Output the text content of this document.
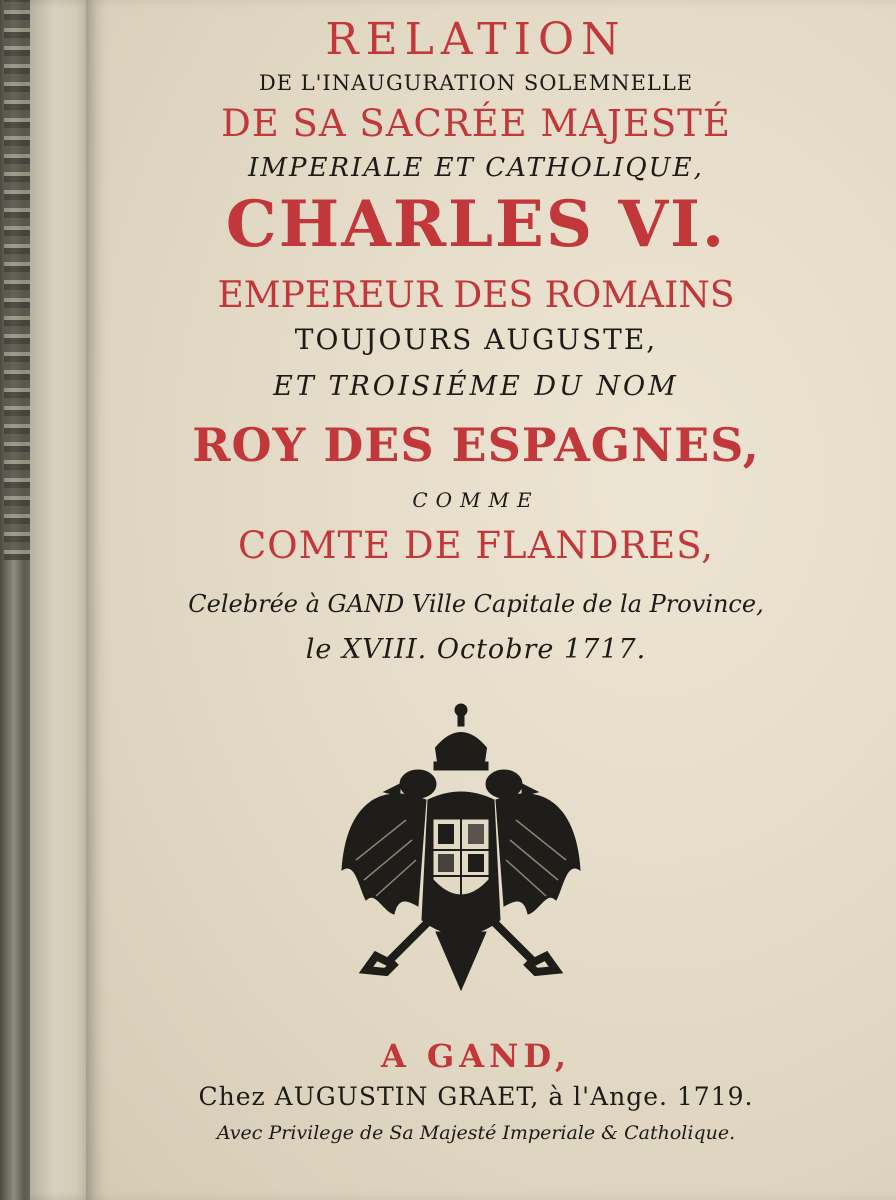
RELATION
DE L'INAUGURATION SOLEMNELLE
DE SA SACRÉE MAJESTÉ
IMPERIALE ET CATHOLIQUE,
CHARLES VI.
EMPEREUR DES ROMAINS
TOUJOURS AUGUSTE,
ET TROISIÉME DU NOM
ROY DES ESPAGNES,
COMME
COMTE DE FLANDRES,
Celebrée à GAND Ville Capitale de la Province,
le XVIII. Octobre 1717.
A GAND,
Chez AUGUSTIN GRAET, à l'Ange. 1719.
Avec Privilege de Sa Majesté Imperiale & Catholique.
